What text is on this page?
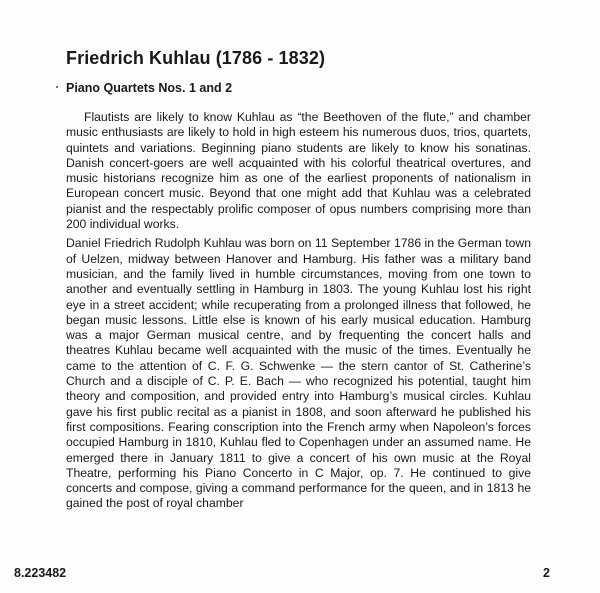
Friedrich Kuhlau (1786 - 1832)
Piano Quartets Nos. 1 and 2

Flautists are likely to know Kuhlau as “the Beethoven of the flute,” and chamber music enthusiasts are likely to hold in high esteem his numerous duos, trios, quartets, quintets and variations. Beginning piano students are likely to know his sonatinas. Danish concert-goers are well acquainted with his colorful theatrical overtures, and music historians recognize him as one of the earliest proponents of nationalism in European concert music. Beyond that one might add that Kuhlau was a celebrated pianist and the respectably prolific composer of opus numbers comprising more than 200 individual works.

Daniel Friedrich Rudolph Kuhlau was born on 11 September 1786 in the German town of Uelzen, midway between Hanover and Hamburg. His father was a military band musician, and the family lived in humble circumstances, moving from one town to another and eventually settling in Hamburg in 1803. The young Kuhlau lost his right eye in a street accident; while recuperating from a prolonged illness that followed, he began music lessons. Little else is known of his early musical education. Hamburg was a major German musical centre, and by frequenting the concert halls and theatres Kuhlau became well acquainted with the music of the times. Eventually he came to the attention of C. F. G. Schwenke — the stern cantor of St. Catherine’s Church and a disciple of C. P. E. Bach — who recognized his potential, taught him theory and composition, and provided entry into Hamburg’s musical circles. Kuhlau gave his first public recital as a pianist in 1808, and soon afterward he published his first compositions. Fearing conscription into the French army when Napoleon’s forces occupied Hamburg in 1810, Kuhlau fled to Copenhagen under an assumed name. He emerged there in January 1811 to give a concert of his own music at the Royal Theatre, performing his Piano Concerto in C Major, op. 7. He continued to give concerts and compose, giving a command performance for the queen, and in 1813 he gained the post of royal chamber

8.223482	2
